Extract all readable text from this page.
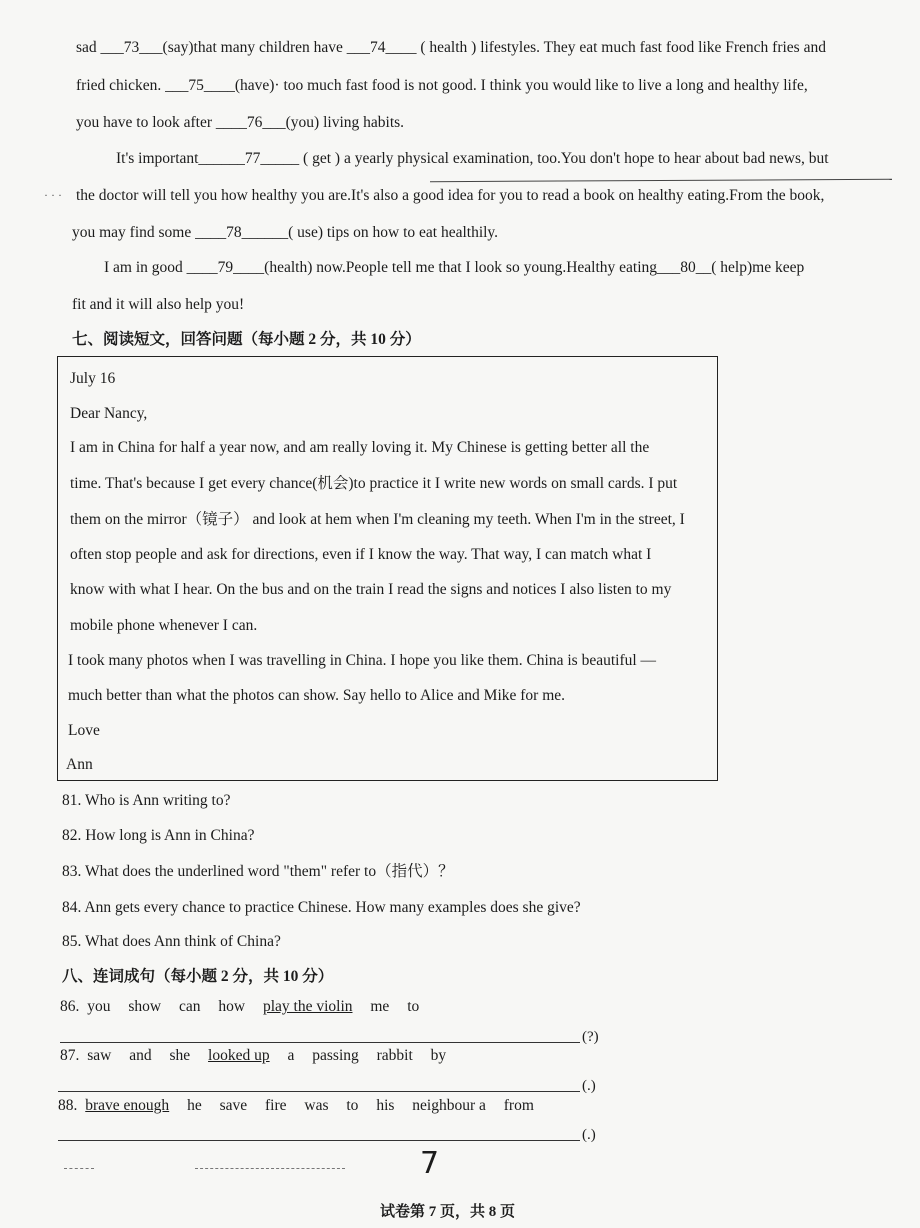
sad ___73___(say)that many children have ___74____ ( health ) lifestyles. They eat much fast food like French fries and
fried chicken. ___75____(have)· too much fast food is not good. I think you would like to live a long and healthy life,
you have to look after ____76___(you) living habits.
It's important______77_____ ( get ) a yearly physical examination, too.You don't hope to hear about bad news, but
··· the doctor will tell you how healthy you are.It's also a good idea for you to read a book on healthy eating.From the book,
you may find some ____78______( use) tips on how to eat healthily.
I am in good ____79____(health) now.People tell me that I look so young.Healthy eating___80__( help)me keep
fit and it will also help you!
七、阅读短文，回答问题（每小题 2 分，共 10 分）
July 16
Dear Nancy,
I am in China for half a year now, and am really loving it. My Chinese is getting better all the
time. That's because I get every chance(机会)to practice it I write new words on small cards. I put
them on the mirror（镜子） and look at hem when I'm cleaning my teeth. When I'm in the street, I
often stop people and ask for directions, even if I know the way. That way, I can match what I
know with what I hear. On the bus and on the train I read the signs and notices I also listen to my
mobile phone whenever I can.
I took many photos when I was travelling in China. I hope you like them. China is beautiful —
much better than what the photos can show. Say hello to Alice and Mike for me.
Love
Ann
81. Who is Ann writing to?
82. How long is Ann in China?
83. What does the underlined word "them" refer to（指代）？
84. Ann gets every chance to practice Chinese. How many examples does she give?
85. What does Ann think of China?
八、连词成句（每小题 2 分，共 10 分）
86. you show can how play the violin me to
(?)
87. saw and she looked up a passing rabbit by
(.)
88. brave enough he save fire was to his neighbour a from
(.)
7
试卷第 7 页，共 8 页
